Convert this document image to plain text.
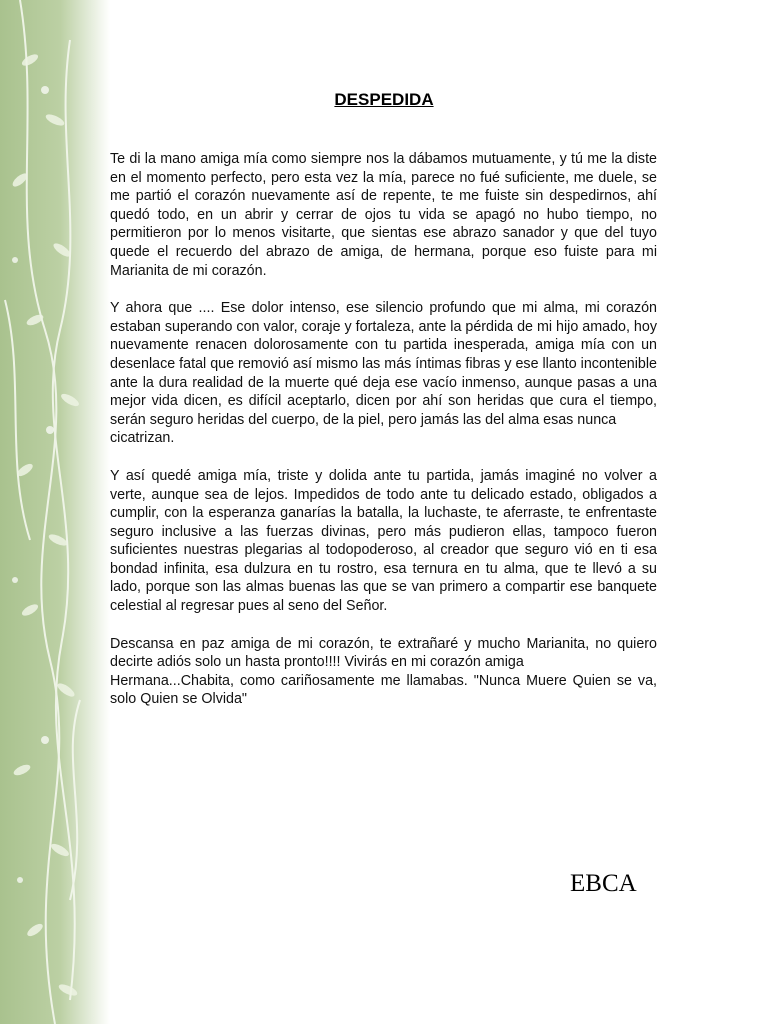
DESPEDIDA

Te di la mano amiga mía como siempre nos la dábamos mutuamente, y tú me la diste en el momento perfecto, pero esta vez la mía, parece no fué suficiente, me duele, se me partió el corazón nuevamente así de repente, te me fuiste sin despedirnos, ahí quedó todo, en un abrir y cerrar de ojos tu vida se apagó no hubo tiempo, no permitieron por lo menos visitarte, que sientas ese abrazo sanador y que del tuyo quede el recuerdo del abrazo de amiga, de hermana, porque eso fuiste para mi Marianita de mi corazón.

Y ahora que .... Ese dolor intenso, ese silencio profundo que mi alma, mi corazón estaban superando con valor, coraje y fortaleza, ante la pérdida de mi hijo amado, hoy nuevamente renacen dolorosamente con tu partida inesperada, amiga mía con un desenlace fatal que removió así mismo las más íntimas fibras y ese llanto incontenible ante la dura realidad de la muerte qué deja ese vacío inmenso, aunque pasas a una mejor vida dicen, es difícil aceptarlo, dicen por ahí son heridas que cura el tiempo, serán seguro heridas del cuerpo, de la piel, pero jamás las del alma esas nunca

cicatrizan.

Y así quedé amiga mía, triste y dolida ante tu partida, jamás imaginé no volver a verte, aunque sea de lejos. Impedidos de todo ante tu delicado estado, obligados a cumplir, con la esperanza ganarías la batalla, la luchaste, te aferraste, te enfrentaste seguro inclusive a las fuerzas divinas, pero más pudieron ellas, tampoco fueron suficientes nuestras plegarias al todopoderoso, al creador que seguro vió en ti esa bondad infinita, esa dulzura en tu rostro, esa ternura en tu alma, que te llevó a su lado, porque son las almas buenas las que se van primero a compartir ese banquete celestial al regresar pues al seno del Señor.

Descansa en paz amiga de mi corazón, te extrañaré y mucho Marianita, no quiero decirte adiós solo un hasta pronto!!!! Vivirás en mi corazón amiga

Hermana...Chabita, como cariñosamente me llamabas. "Nunca Muere Quien se va, solo Quien se Olvida"

EBCA
